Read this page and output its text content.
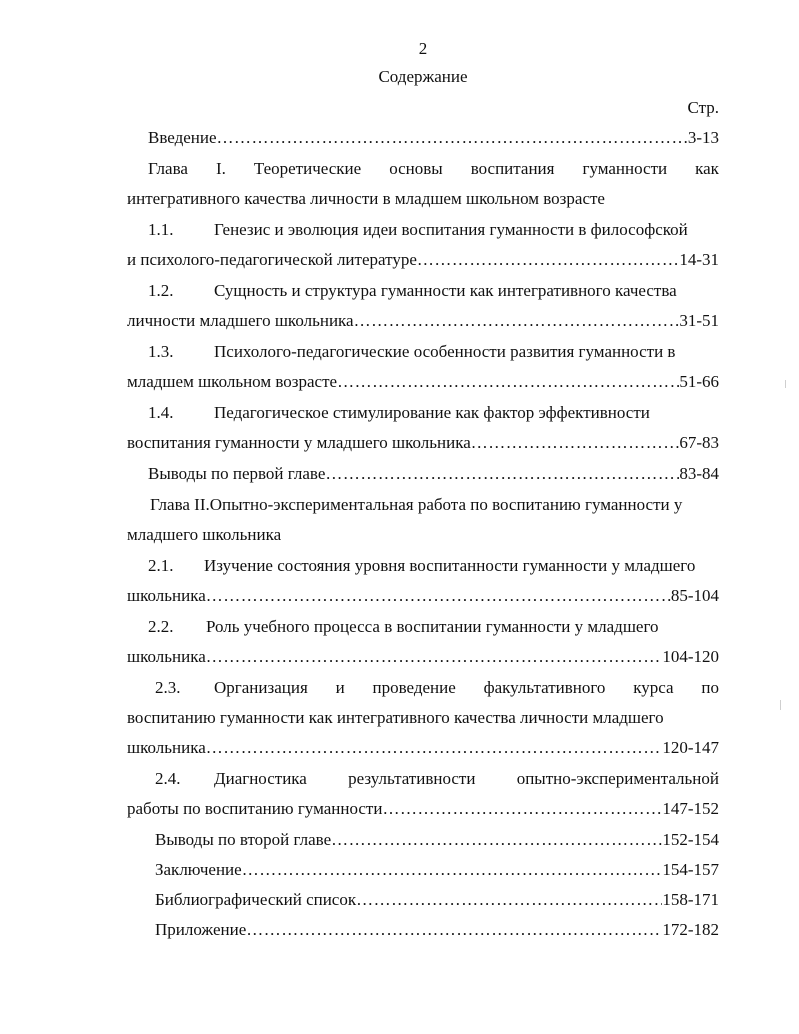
2
Содержание
Стр.
Введение ……………………………………………………………………………………………………………………………………………………………………………	3-13
Глава I. Теоретические основы воспитания гуманности как
интегративного качества личности в младшем школьном возрасте
1.1. Генезис и эволюция идеи воспитания гуманности в философской
и психолого-педагогической литературе ……………………………………………………………………………………………………………………………………………………………………………	14-31
1.2. Сущность и структура гуманности как интегративного качества
личности младшего школьника ……………………………………………………………………………………………………………………………………………………………………………	31-51
1.3. Психолого-педагогические особенности развития гуманности в
младшем школьном возрасте ……………………………………………………………………………………………………………………………………………………………………………	51-66
1.4. Педагогическое стимулирование как фактор эффективности
воспитания гуманности у младшего школьника ……………………………………………………………………………………………………………………………………………………………………………	67-83
Выводы по первой главе ……………………………………………………………………………………………………………………………………………………………………………	83-84
Глава II.Опытно-экспериментальная работа по воспитанию гуманности у
младшего школьника
2.1. Изучение состояния уровня воспитанности гуманности у младшего
школьника ……………………………………………………………………………………………………………………………………………………………………………	85-104
2.2. Роль учебного процесса в воспитании гуманности у младшего
школьника ……………………………………………………………………………………………………………………………………………………………………………	104-120
2.3.	Организация и проведение факультативного курса по
воспитанию гуманности как интегративного качества личности младшего
школьника ……………………………………………………………………………………………………………………………………………………………………………	120-147
2.4.	Диагностика результативности опытно-экспериментальной
работы по воспитанию гуманности ……………………………………………………………………………………………………………………………………………………………………………	147-152
Выводы по второй главе ……………………………………………………………………………………………………………………………………………………………………………	152-154
Заключение ……………………………………………………………………………………………………………………………………………………………………………	154-157
Библиографический список ……………………………………………………………………………………………………………………………………………………………………………	158-171
Приложение ……………………………………………………………………………………………………………………………………………………………………………	172-182
